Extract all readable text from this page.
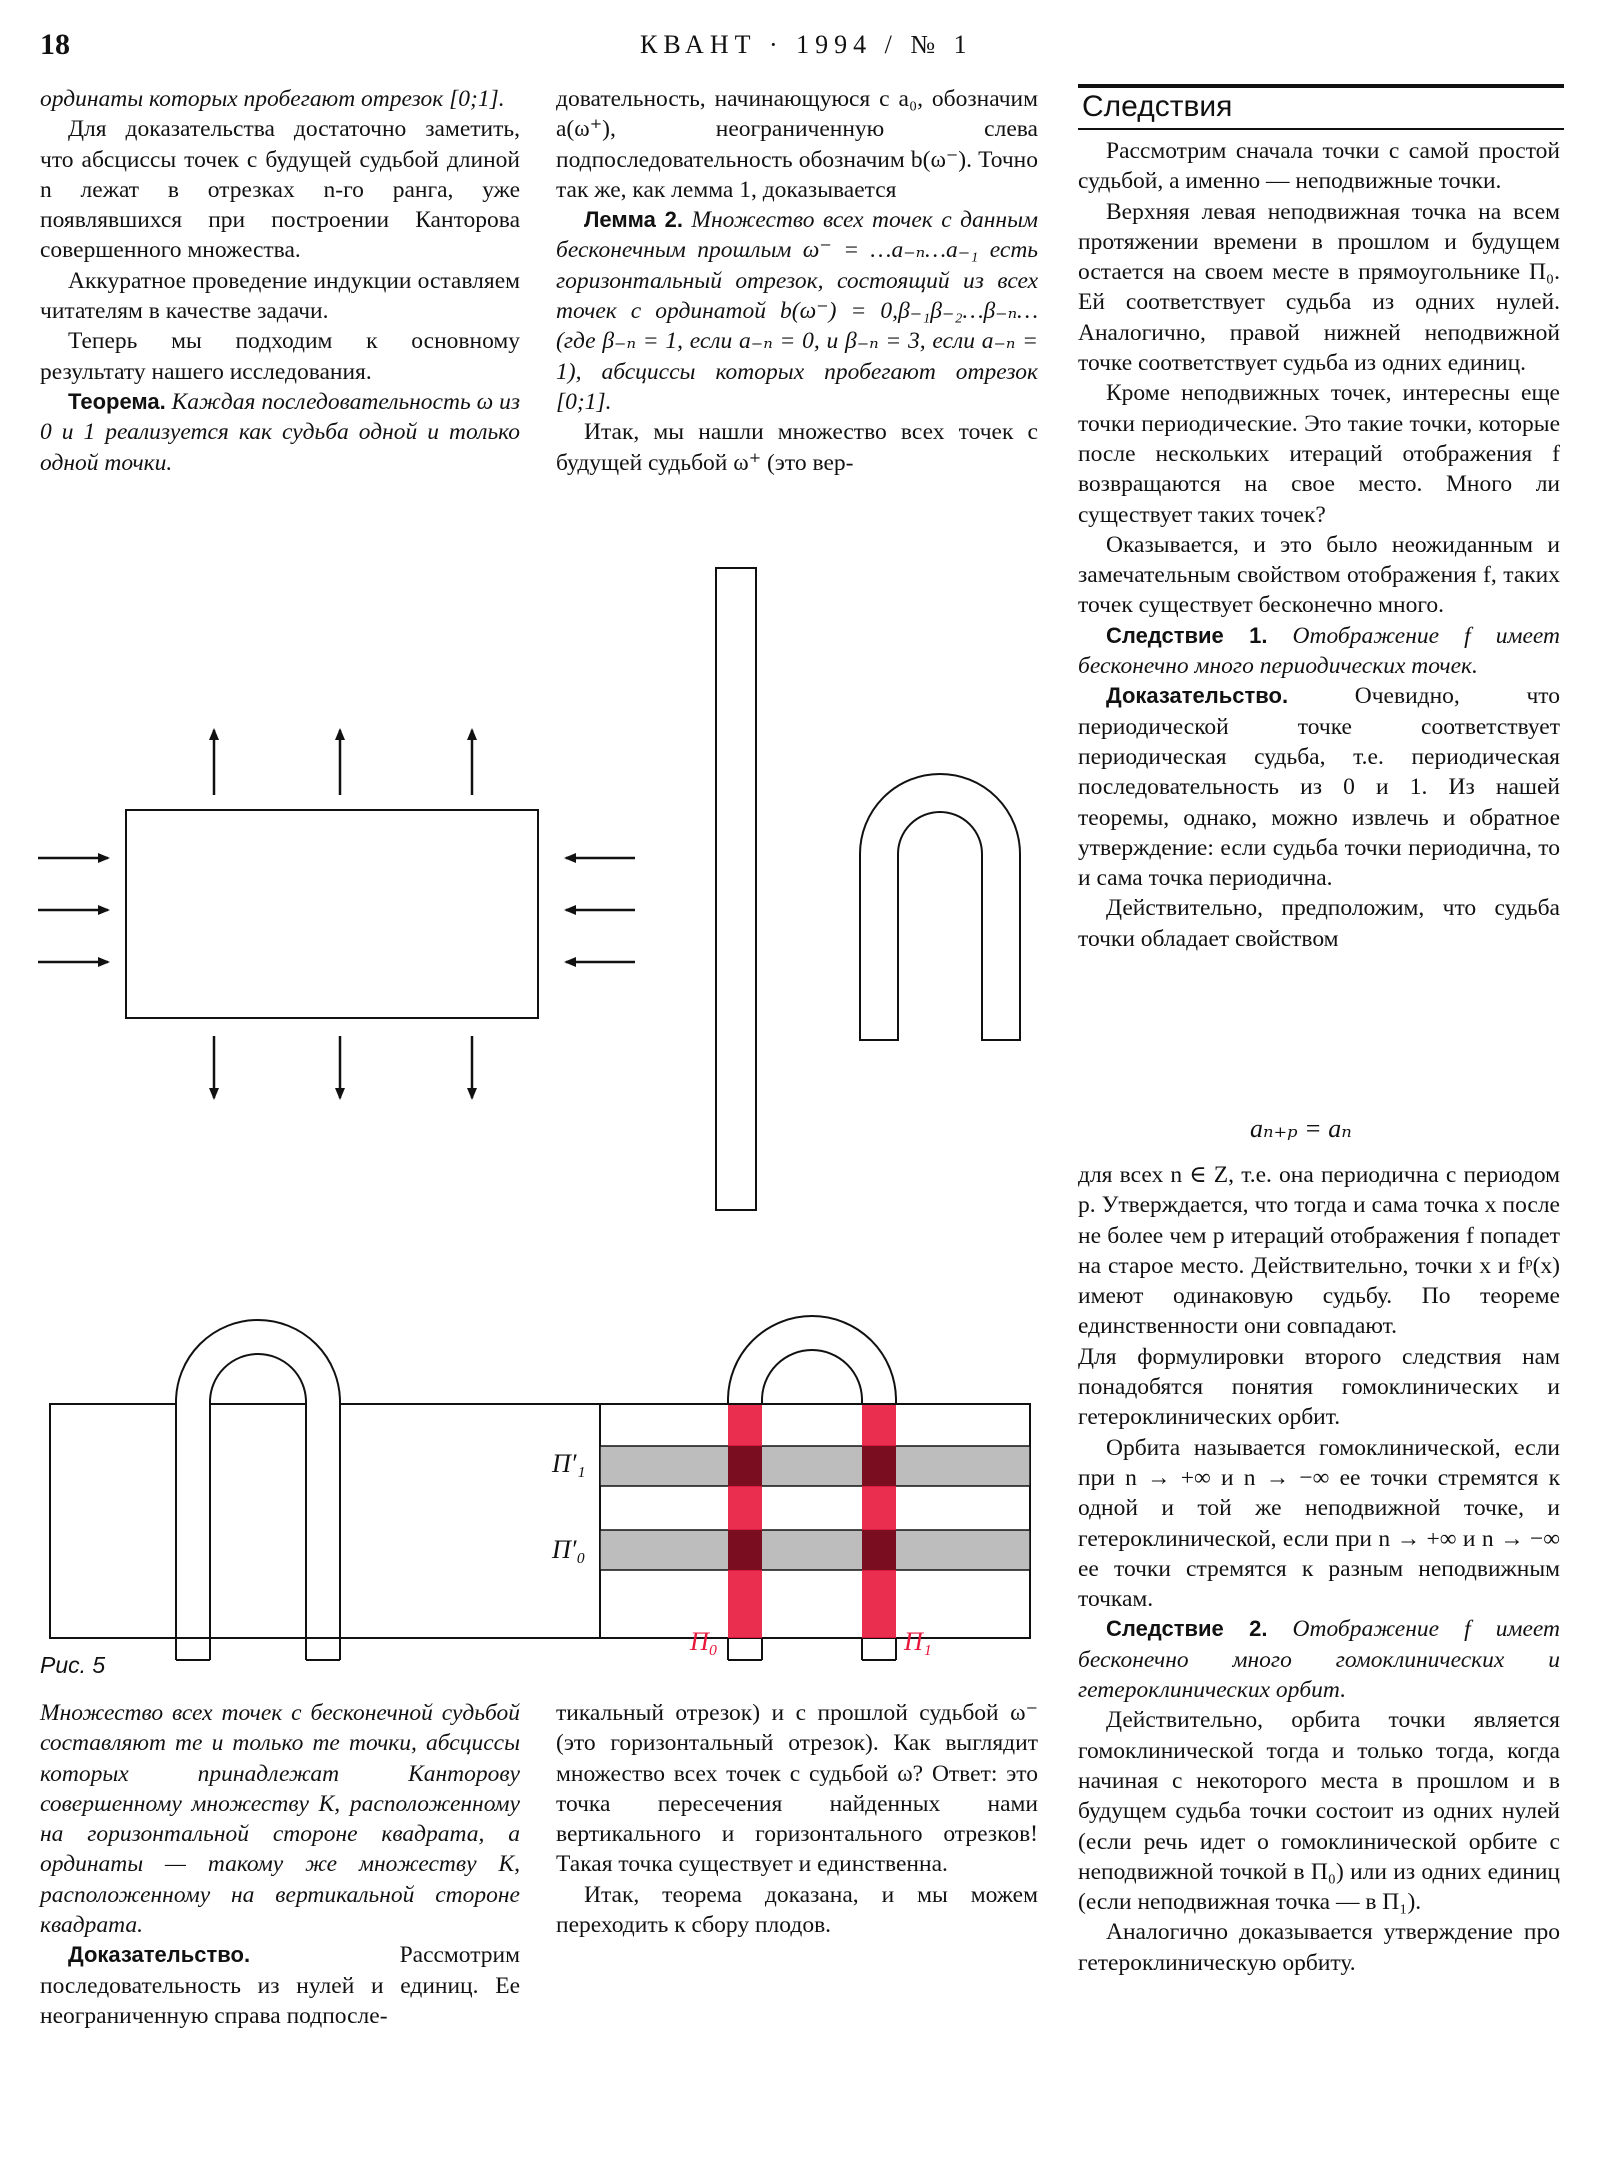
18	КВАНТ · 1994 / № 1

ординаты которых пробегают отрезок [0;1].

Для доказательства достаточно заметить, что абсциссы точек с будущей судьбой длиной n лежат в отрезках n-го ранга, уже появлявшихся при построении Канторова совершенного множества.

Аккуратное проведение индукции оставляем читателям в качестве задачи.

Теперь мы подходим к основному результату нашего исследования.

Теорема. Каждая последовательность ω из 0 и 1 реализуется как судьба одной и только одной точки.

довательность, начинающуюся с a₀, обозначим a(ω⁺), неограниченную слева подпоследовательность обозначим b(ω⁻). Точно так же, как лемма 1, доказывается

Лемма 2. Множество всех точек с данным бесконечным прошлым ω⁻ = …a₋ₙ…a₋₁ есть горизонтальный отрезок, состоящий из всех точек с ординатой b(ω⁻) = 0,β₋₁β₋₂…β₋ₙ… (где β₋ₙ = 1, если a₋ₙ = 0, и β₋ₙ = 3, если a₋ₙ = 1), абсциссы которых пробегают отрезок [0;1].

Итак, мы нашли множество всех точек с будущей судьбой ω⁺ (это вер-

Следствия

Рассмотрим сначала точки с самой простой судьбой, а именно — неподвижные точки.

Верхняя левая неподвижная точка на всем протяжении времени в прошлом и будущем остается на своем месте в прямоугольнике П₀. Ей соответствует судьба из одних нулей. Аналогично, правой нижней неподвижной точке соответствует судьба из одних единиц.

Кроме неподвижных точек, интересны еще точки периодические. Это такие точки, которые после нескольких итераций отображения f возвращаются на свое место. Много ли существует таких точек?

Оказывается, и это было неожиданным и замечательным свойством отображения f, таких точек существует бесконечно много.

Следствие 1. Отображение f имеет бесконечно много периодических точек.

Доказательство.	Очевидно, что периодической точке соответствует периодическая судьба, т.е. периодическая последовательность из 0 и 1. Из нашей теоремы, однако, можно извлечь и обратное утверждение: если судьба точки периодична, то и сама точка периодична.

Действительно, предположим, что судьба точки обладает свойством

aₙ₊ₚ = aₙ

для всех n ∈ Z, т.е. она периодична с периодом p. Утверждается, что тогда и сама точка x после не более чем p итераций отображения f попадет на старое место. Действительно, точки x и fᵖ(x) имеют одинаковую судьбу. По теореме единственности они совпадают.

Для формулировки второго следствия нам понадобятся понятия гомоклинических и гетероклинических орбит.

Орбита называется гомоклинической, если при n → +∞ и n → −∞ ее точки стремятся к одной и той же неподвижной точке, и гетероклинической, если при n → +∞ и n → −∞ ее точки стремятся к разным неподвижным точкам.

Следствие 2. Отображение f имеет бесконечно много гомоклинических и гетероклинических орбит.

Действительно, орбита точки является гомоклинической тогда и только тогда, когда начиная с некоторого места в прошлом и в будущем судьба точки состоит из одних нулей (если речь идет о гомоклинической орбите с неподвижной точкой в П₀) или из одних единиц (если неподвижная точка — в П₁).

Аналогично доказывается утверждение про гетероклиническую орбиту.

П′₁
П′₀
П₀	П₁
Рис. 5

Множество всех точек с бесконечной судьбой составляют те и только те точки, абсциссы которых принадлежат Канторову совершенному множеству K, расположенному на горизонтальной стороне квадрата, а ординаты — такому же множеству K, расположенному на вертикальной стороне квадрата.

Доказательство.	Рассмотрим последовательность из нулей и единиц. Ее неограниченную справа подпосле-

тикальный отрезок) и с прошлой судьбой ω⁻ (это горизонтальный отрезок). Как выглядит множество всех точек с судьбой ω? Ответ: это точка пересечения найденных нами вертикального и горизонтального отрезков! Такая точка существует и единственна.

Итак, теорема доказана, и мы можем переходить к сбору плодов.
